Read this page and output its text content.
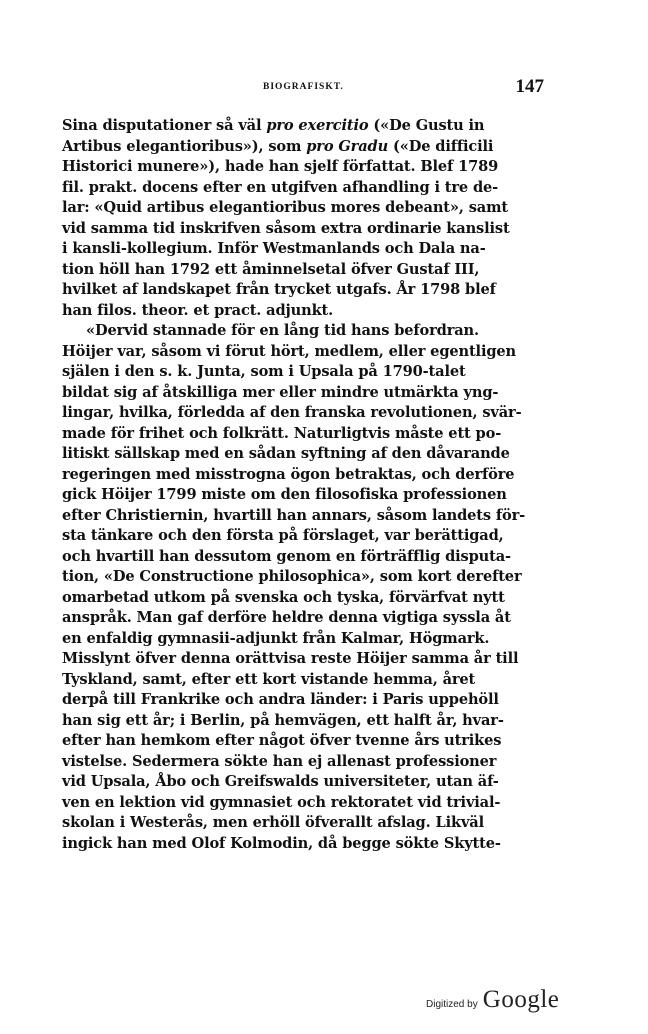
BIOGRAFISKT.	147
Sina disputationer så väl pro exercitio («De Gustu in
Artibus elegantioribus»), som pro Gradu («De difficili
Historici munere»), hade han sjelf författat. Blef 1789
fil. prakt. docens efter en utgifven afhandling i tre de-
lar: «Quid artibus elegantioribus mores debeant», samt
vid samma tid inskrifven såsom extra ordinarie kanslist
i kansli-kollegium. Inför Westmanlands och Dala na-
tion höll han 1792 ett åminnelsetal öfver Gustaf III,
hvilket af landskapet från trycket utgafs. År 1798 blef
han filos. theor. et pract. adjunkt.
«Dervid stannade för en lång tid hans befordran.
Höijer var, såsom vi förut hört, medlem, eller egentligen
själen i den s. k. Junta, som i Upsala på 1790-talet
bildat sig af åtskilliga mer eller mindre utmärkta yng-
lingar, hvilka, förledda af den franska revolutionen, svär-
made för frihet och folkrätt. Naturligtvis måste ett po-
litiskt sällskap med en sådan syftning af den dåvarande
regeringen med misstrogna ögon betraktas, och derföre
gick Höijer 1799 miste om den filosofiska professionen
efter Christiernin, hvartill han annars, såsom landets för-
sta tänkare och den första på förslaget, var berättigad,
och hvartill han dessutom genom en förträfflig disputa-
tion, «De Constructione philosophica», som kort derefter
omarbetad utkom på svenska och tyska, förvärfvat nytt
anspråk. Man gaf derföre heldre denna vigtiga syssla åt
en enfaldig gymnasii-adjunkt från Kalmar, Högmark.
Misslynt öfver denna orättvisa reste Höijer samma år till
Tyskland, samt, efter ett kort vistande hemma, året
derpå till Frankrike och andra länder: i Paris uppehöll
han sig ett år; i Berlin, på hemvägen, ett halft år, hvar-
efter han hemkom efter något öfver tvenne års utrikes
vistelse. Sedermera sökte han ej allenast professioner
vid Upsala, Åbo och Greifswalds universiteter, utan äf-
ven en lektion vid gymnasiet och rektoratet vid trivial-
skolan i Westerås, men erhöll öfverallt afslag. Likväl
ingick han med Olof Kolmodin, då begge sökte Skytte-
Digitized by Google
